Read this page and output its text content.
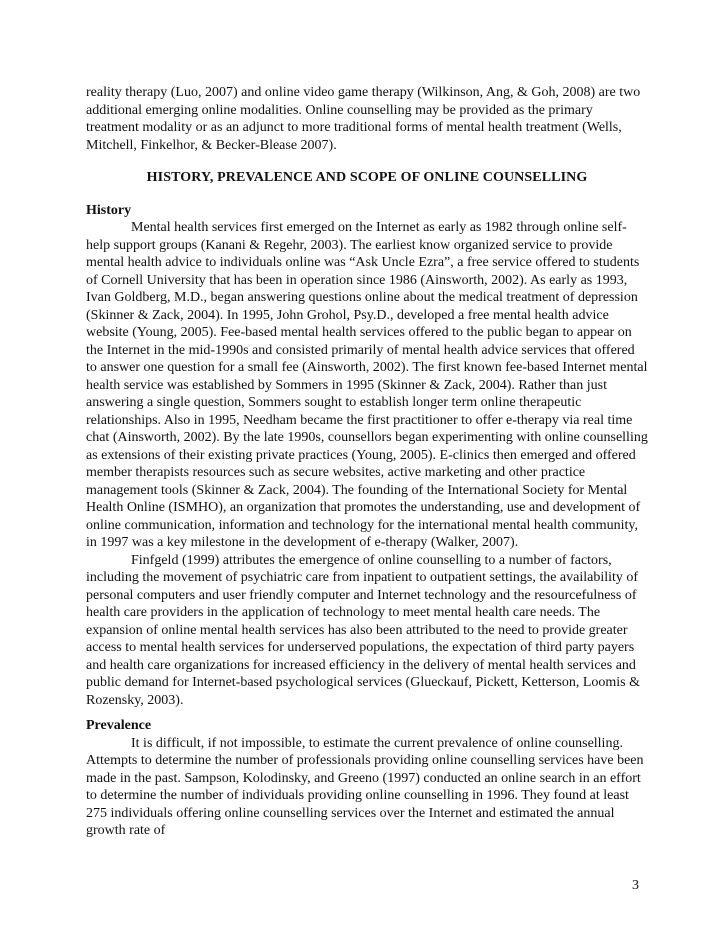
reality therapy (Luo, 2007) and online video game therapy (Wilkinson, Ang, & Goh, 2008) are two additional emerging online modalities. Online counselling may be provided as the primary treatment modality or as an adjunct to more traditional forms of mental health treatment (Wells, Mitchell, Finkelhor, & Becker-Blease 2007).

HISTORY, PREVALENCE AND SCOPE OF ONLINE COUNSELLING

History

Mental health services first emerged on the Internet as early as 1982 through online self-help support groups (Kanani & Regehr, 2003). The earliest know organized service to provide mental health advice to individuals online was “Ask Uncle Ezra”, a free service offered to students of Cornell University that has been in operation since 1986 (Ainsworth, 2002). As early as 1993, Ivan Goldberg, M.D., began answering questions online about the medical treatment of depression (Skinner & Zack, 2004). In 1995, John Grohol, Psy.D., developed a free mental health advice website (Young, 2005). Fee-based mental health services offered to the public began to appear on the Internet in the mid-1990s and consisted primarily of mental health advice services that offered to answer one question for a small fee (Ainsworth, 2002). The first known fee-based Internet mental health service was established by Sommers in 1995 (Skinner & Zack, 2004). Rather than just answering a single question, Sommers sought to establish longer term online therapeutic relationships. Also in 1995, Needham became the first practitioner to offer e-therapy via real time chat (Ainsworth, 2002). By the late 1990s, counsellors began experimenting with online counselling as extensions of their existing private practices (Young, 2005). E-clinics then emerged and offered member therapists resources such as secure websites, active marketing and other practice management tools (Skinner & Zack, 2004). The founding of the International Society for Mental Health Online (ISMHO), an organization that promotes the understanding, use and development of online communication, information and technology for the international mental health community, in 1997 was a key milestone in the development of e-therapy (Walker, 2007).

Finfgeld (1999) attributes the emergence of online counselling to a number of factors, including the movement of psychiatric care from inpatient to outpatient settings, the availability of personal computers and user friendly computer and Internet technology and the resourcefulness of health care providers in the application of technology to meet mental health care needs. The expansion of online mental health services has also been attributed to the need to provide greater access to mental health services for underserved populations, the expectation of third party payers and health care organizations for increased efficiency in the delivery of mental health services and public demand for Internet-based psychological services (Glueckauf, Pickett, Ketterson, Loomis & Rozensky, 2003).

Prevalence

It is difficult, if not impossible, to estimate the current prevalence of online counselling. Attempts to determine the number of professionals providing online counselling services have been made in the past. Sampson, Kolodinsky, and Greeno (1997) conducted an online search in an effort to determine the number of individuals providing online counselling in 1996. They found at least 275 individuals offering online counselling services over the Internet and estimated the annual growth rate of

3
